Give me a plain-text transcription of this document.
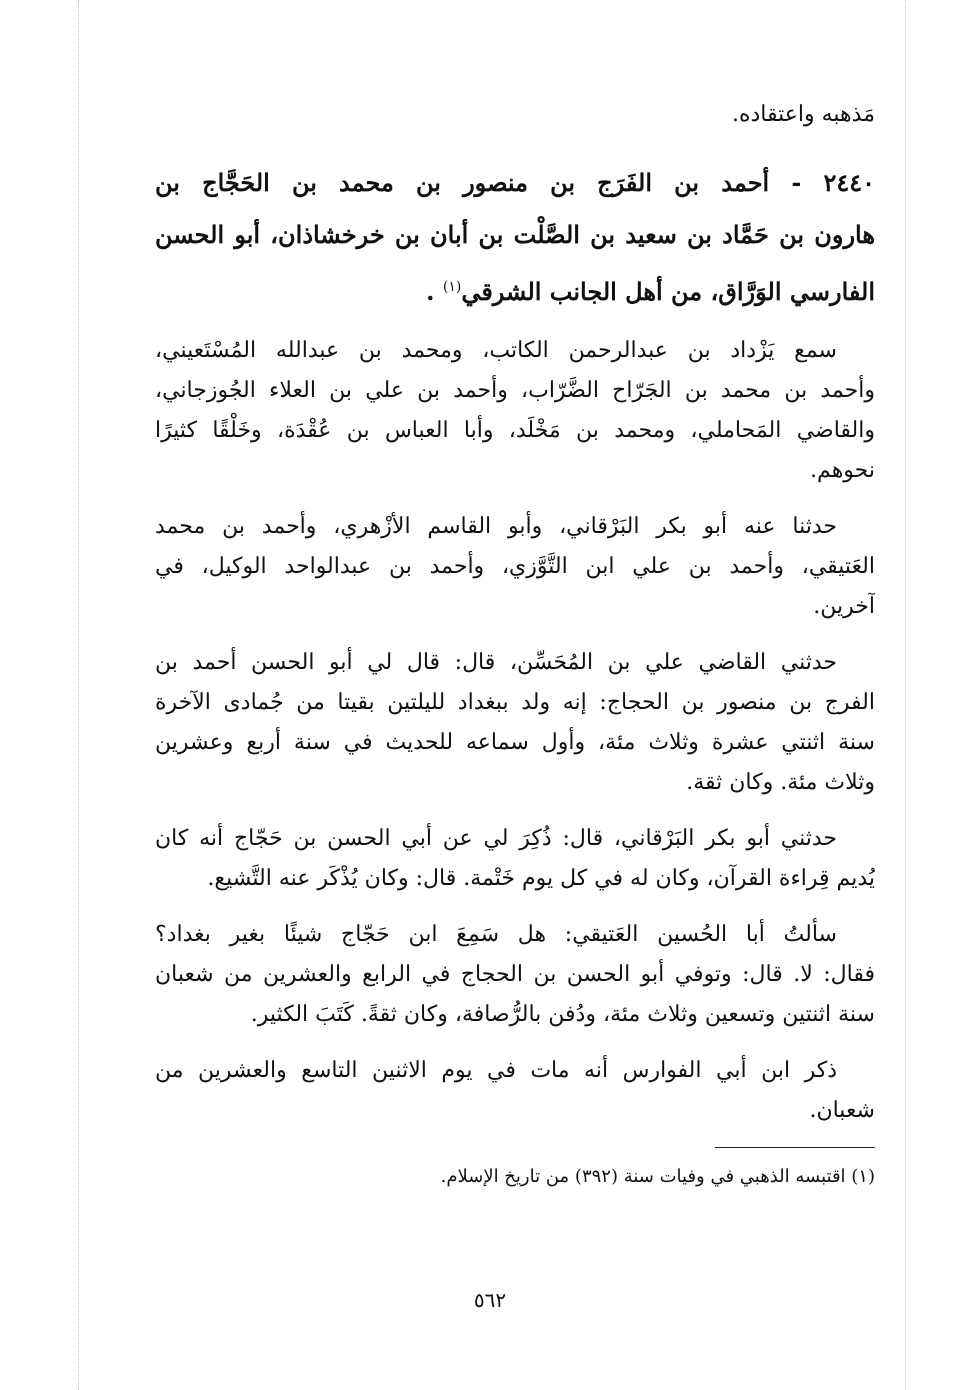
مَذهبه واعتقاده.
٢٤٤٠ - أحمد بن الفَرَج بن منصور بن محمد بن الحَجَّاج بن
هارون بن حَمَّاد بن سعيد بن الصَّلْت بن أبان بن خرخشاذان، أبو الحسن
الفارسي الوَرَّاق، من أهل الجانب الشرقي$^{(١)}$ .
سمع يَزْداد بن عبدالرحمن الكاتب، ومحمد بن عبدالله المُسْتَعيني،
وأحمد بن محمد بن الجَرّاح الضَّرّاب، وأحمد بن علي بن العلاء الجُوزجاني،
والقاضي المَحاملي، ومحمد بن مَخْلَد، وأبا العباس بن عُقْدَة، وخَلْقًا كثيرًا
نحوهم.
حدثنا عنه أبو بكر البَرْقاني، وأبو القاسم الأزْهري، وأحمد بن محمد
العَتيقي، وأحمد بن علي ابن التَّوَّزي، وأحمد بن عبدالواحد الوكيل، في
آخرين.
حدثني القاضي علي بن المُحَسِّن، قال: قال لي أبو الحسن أحمد بن
الفرج بن منصور بن الحجاج: إنه ولد ببغداد لليلتين بقيتا من جُمادى الآخرة
سنة اثنتي عشرة وثلاث مئة، وأول سماعه للحديث في سنة أربع وعشرين
وثلاث مئة. وكان ثقة.
حدثني أبو بكر البَرْقاني، قال: ذُكِرَ لي عن أبي الحسن بن حَجّاج أنه كان
يُديم قِراءة القرآن، وكان له في كل يوم خَتْمة. قال: وكان يُذْكَر عنه التَّشيع.
سألتُ أبا الحُسين العَتيقي: هل سَمِعَ ابن حَجّاج شيئًا بغير بغداد؟
فقال: لا. قال: وتوفي أبو الحسن بن الحجاج في الرابع والعشرين من شعبان
سنة اثنتين وتسعين وثلاث مئة، ودُفن بالرُّصافة، وكان ثقةً. كَتَبَ الكثير.
ذكر ابن أبي الفوارس أنه مات في يوم الاثنين التاسع والعشرين من
شعبان.
(١) اقتبسه الذهبي في وفيات سنة (٣٩٢) من تاريخ الإسلام.
٥٦٢
